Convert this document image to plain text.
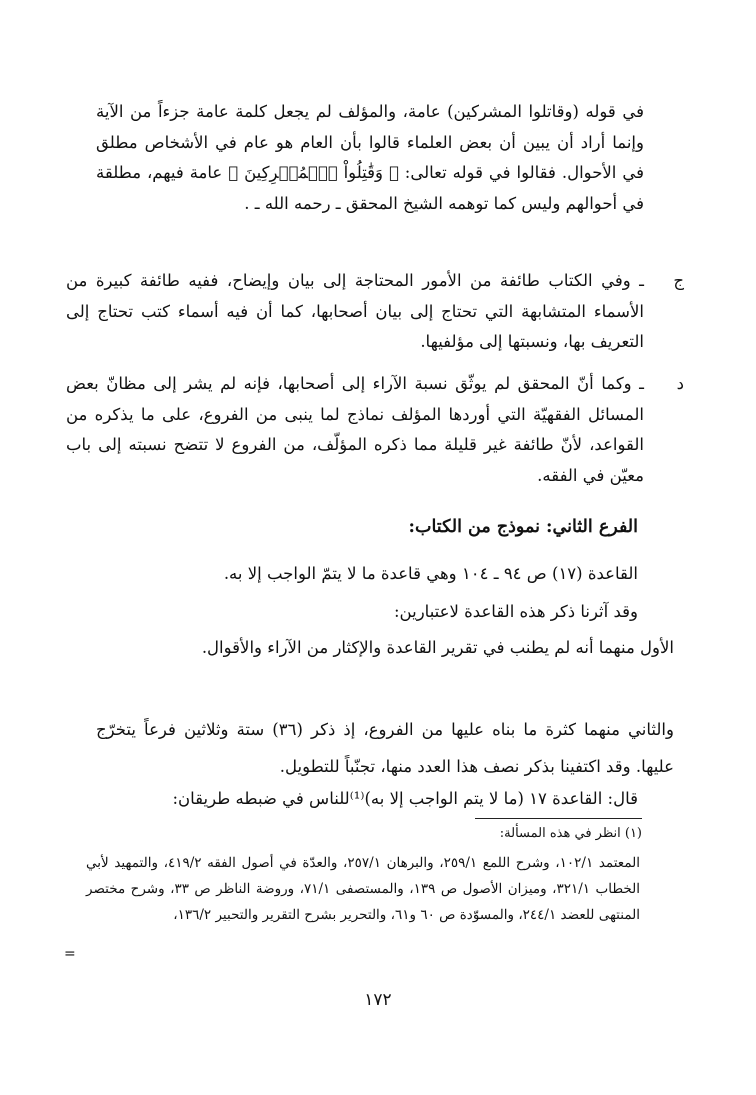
في قوله (وقاتلوا المشركين) عامة، والمؤلف لم يجعل كلمة عامة جزءاً من الآية وإنما أراد أن يبين أن بعض العلماء قالوا بأن العام هو عام في الأشخاص مطلق في الأحوال. فقالوا في قوله تعالى: ﴿ وَقَٰتِلُواْ ٱلۡمُشۡرِكِينَ ﴾ عامة فيهم، مطلقة في أحوالهم وليس كما توهمه الشيخ المحقق ـ رحمه الله ـ .
ج
ـ وفي الكتاب طائفة من الأمور المحتاجة إلى بيان وإيضاح، ففيه طائفة كبيرة من الأسماء المتشابهة التي تحتاج إلى بيان أصحابها، كما أن فيه أسماء كتب تحتاج إلى التعريف بها، ونسبتها إلى مؤلفيها.
د
ـ وكما أنّ المحقق لم يوثّق نسبة الآراء إلى أصحابها، فإنه لم يشر إلى مظانّ بعض المسائل الفقهيّة التي أوردها المؤلف نماذج لما ينبى من الفروع، على ما يذكره من القواعد، لأنّ طائفة غير قليلة مما ذكره المؤلّف، من الفروع لا تتضح نسبته إلى باب معيّن في الفقه.
الفرع الثاني: نموذج من الكتاب:
القاعدة (١٧) ص ٩٤ ـ ١٠٤ وهي قاعدة ما لا يتمّ الواجب إلا به.
وقد آثرنا ذكر هذه القاعدة لاعتبارين:
الأول منهما أنه لم يطنب في تقرير القاعدة والإكثار من الآراء والأقوال.
والثاني منهما كثرة ما بناه عليها من الفروع، إذ ذكر (٣٦) ستة وثلاثين فرعاً يتخرّج عليها. وقد اكتفينا بذكر نصف هذا العدد منها، تجنّباً للتطويل.
قال: القاعدة ١٧ (ما لا يتم الواجب إلا به)⁽¹⁾للناس في ضبطه طريقان:
(١) انظر في هذه المسألة:
المعتمد ١٠٢/١، وشرح اللمع ٢٥٩/١، والبرهان ٢٥٧/١، والعدّة في أصول الفقه ٤١٩/٢، والتمهيد لأبي الخطاب ٣٢١/١، وميزان الأصول ص ١٣٩، والمستصفى ٧١/١، وروضة الناظر ص ٣٣، وشرح مختصر المنتهى للعضد ٢٤٤/١، والمسوّدة ص ٦٠ و٦١، والتحرير بشرح التقرير والتحبير ١٣٦/٢،
=
١٧٢
